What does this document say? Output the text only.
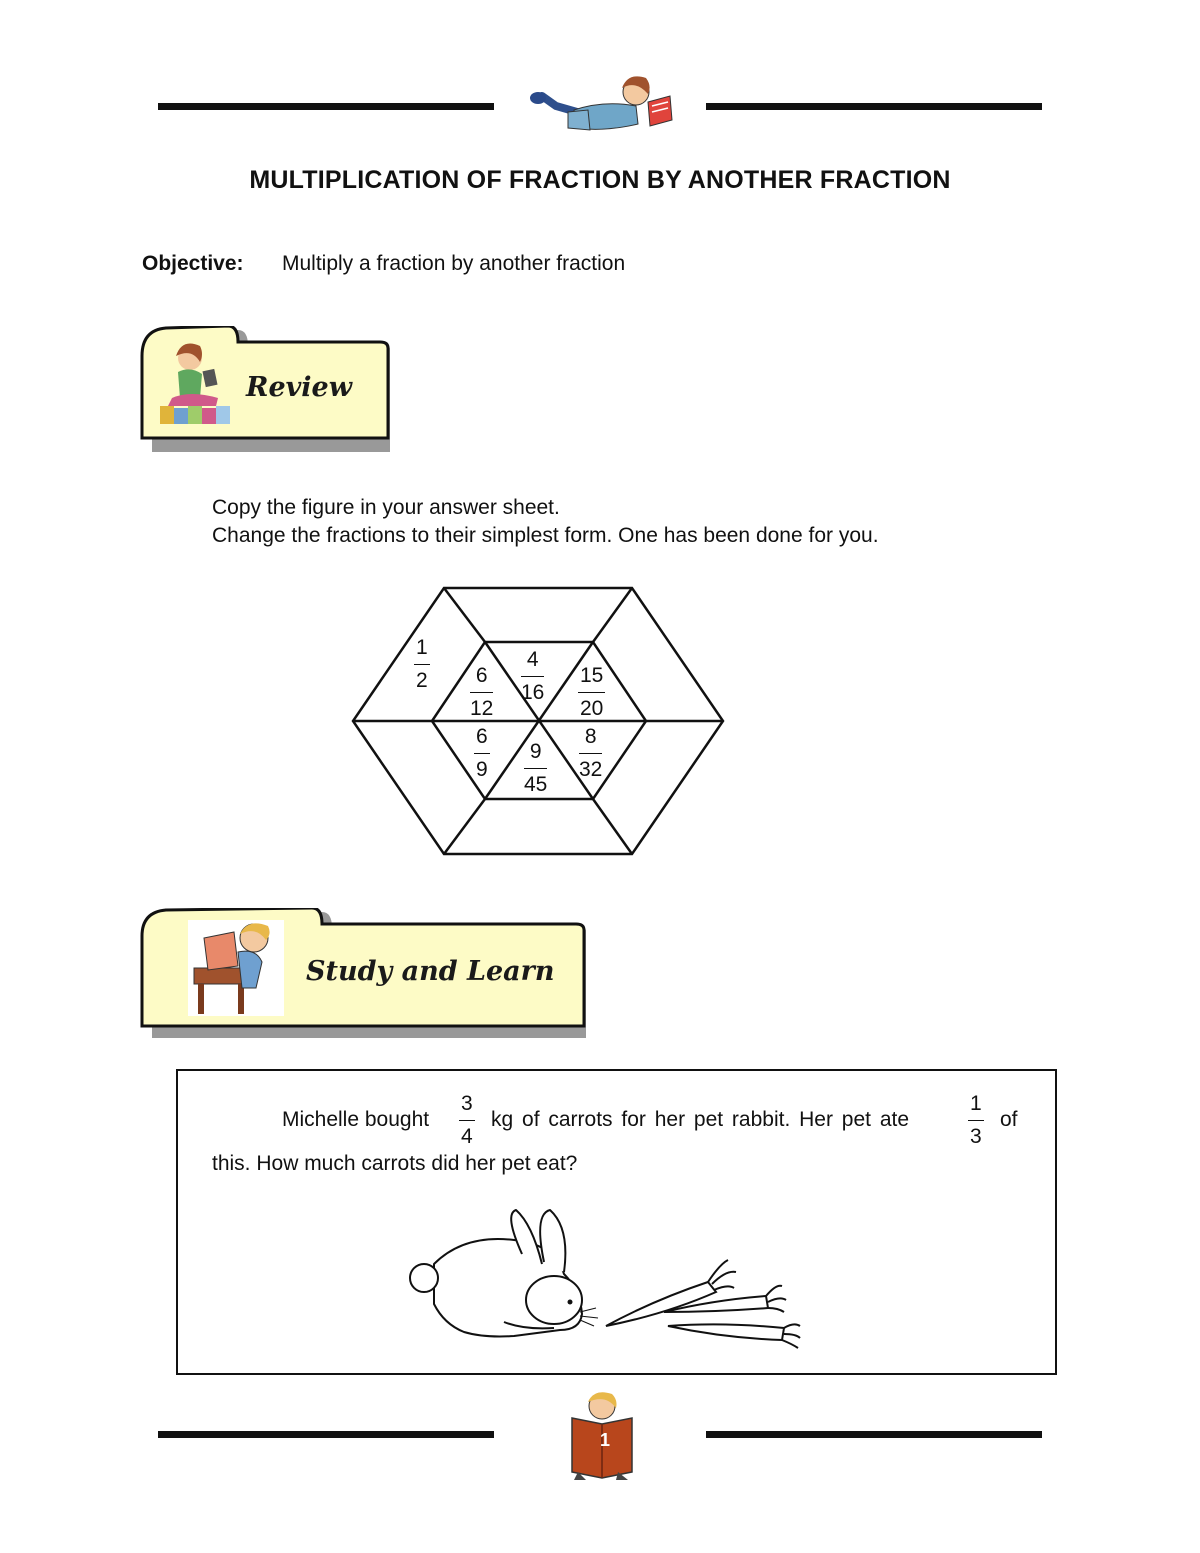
MULTIPLICATION OF FRACTION BY ANOTHER FRACTION
Objective: Multiply a fraction by another fraction
Review
Copy the figure in your answer sheet.
Change the fractions to their simplest form. One has been done for you.
$\frac{1}{2} \frac{6}{12} \frac{4}{16} \frac{15}{20}$
$\frac{6}{9} \frac{9}{45} \frac{8}{32}$
Study and Learn
Michelle bought $\frac{3}{4}$ kg of carrots for her pet rabbit. Her pet ate	$\frac{1}{3}$ of
this. How much carrots did her pet eat?
1
